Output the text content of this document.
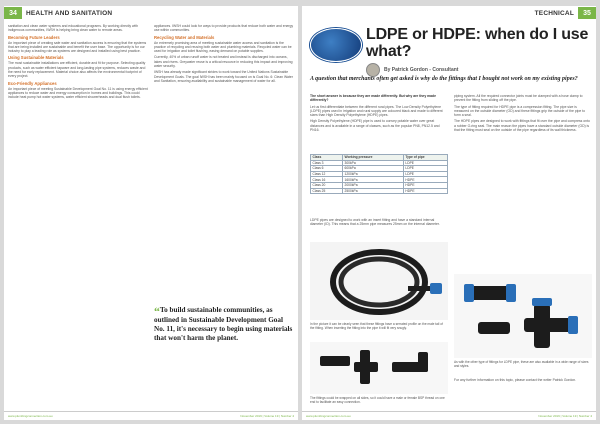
34	HEALTH AND SANITATION

sanitation and clean water systems and educational programs. By working directly with indigenous communities, IWSH is helping bring clean water to remote areas.

Becoming Future Leaders

An important piece of creating safe water and sanitation access is ensuring that the systems that are being installed are sustainable and benefit the user base. The opportunity is for our industry to play a leading role as systems are designed and installed using best practice.

Using Sustainable Materials

The most sustainable installations are efficient, durable and fit for purpose. Selecting quality products, such as water efficient tapware and long-lasting pipe systems, reduces waste and the need for early replacement. Material choice also affects the environmental footprint of every project.

Eco-Friendly Appliances

An important piece of meeting Sustainable Development Goal No. 11 is using energy efficient appliances to reduce water and energy consumption in homes and buildings. This could include heat pump hot water systems, water efficient showerheads and dual flush toilets.

appliances. IWSH could look for ways to provide products that reduce both water and energy use within communities.

Recycling Water and Materials

An extremely promising area of meeting sustainable water access and sanitation is the practice of recycling and reusing both water and plumbing materials. Recycled water can be used for irrigation and toilet flushing, easing demand on potable supplies.

Currently, 40% of urban runoff water is not treated and instead is discharged into oceans, lakes and rivers. Greywater reuse is a critical resource in reducing this impact and improving water security.

IWSH has already made significant strides to work toward the United Nations Sustainable Development Goals. The goal IWSH has been mainly focused on is Goal No. 6: Clean Water and Sanitation, ensuring availability and sustainable management of water for all.

“To build sustainable communities, as outlined in Sustainable Development Goal No. 11, it's necessary to begin using materials that won't harm the planet.
www.plumbingconnection.com.au	November 2019 | Volume 19 | Number 4
TECHNICAL	35
LDPE or HDPE: when do I use what?
By Patrick Gordon - Consultant
A question that merchants often get asked is why do the fittings that I bought not work on my existing pipes?

The short answer is because they are made differently. But why are they made differently?

Let us first differentiate between the different rural pipes. The Low Density Polyethylene (LDPE) pipes used in irrigation and rural supply are coloured black and made to different sizes than High Density Polyethylene (HDPE) pipes.

High Density Polyethylene (HDPE) pipe is used to convey potable water over great distances and is available in a range of classes, such as the popular PN8, PN12.5 and PN16.

Class	Working pressure	Type of pipe
Class 3	300kPa	LDPE
Class 6	600kPa	LDPE
Class 12	1200kPa	LDPE
Class 16	1600kPa	HDPE
Class 20	2000kPa	HDPE
Class 25	2500kPa	HDPE

LDPE pipes are designed to work with an insert fitting and have a standard internal diameter (ID). This means that a 25mm pipe measures 25mm on the internal diameter.

In the picture it can be clearly seen that these fittings have a serrated profile on the male tail of the fitting. When inserting the fitting into the pipe it will fit very snugly.
The fittings could be wrapped on all sides, so it could have a male or female BSP thread on one end to facilitate an easy connection.

piping system. All the required connector joints must be clamped with a hose clamp to prevent the fitting from sliding off the pipe.

The type of fitting required for HDPE pipe is a compression fitting. The pipe size is measured on the outside diameter (OD) and these fittings grip the outside of the pipe to form a seal.

The HDPE pipes are designed to work with fittings that fit over the pipe and compress onto a rubber O-ring seal. The main reason the pipes have a standard outside diameter (OD) is that the fitting must seal on the outside of the pipe regardless of its wall thickness.

As with the other type of fittings for LDPE pipe, these are also available in a wide range of sizes and styles.

For any further information on this topic, please contact the writer Patrick Gordon.

www.plumbingconnection.com.au	November 2019 | Volume 19 | Number 4
